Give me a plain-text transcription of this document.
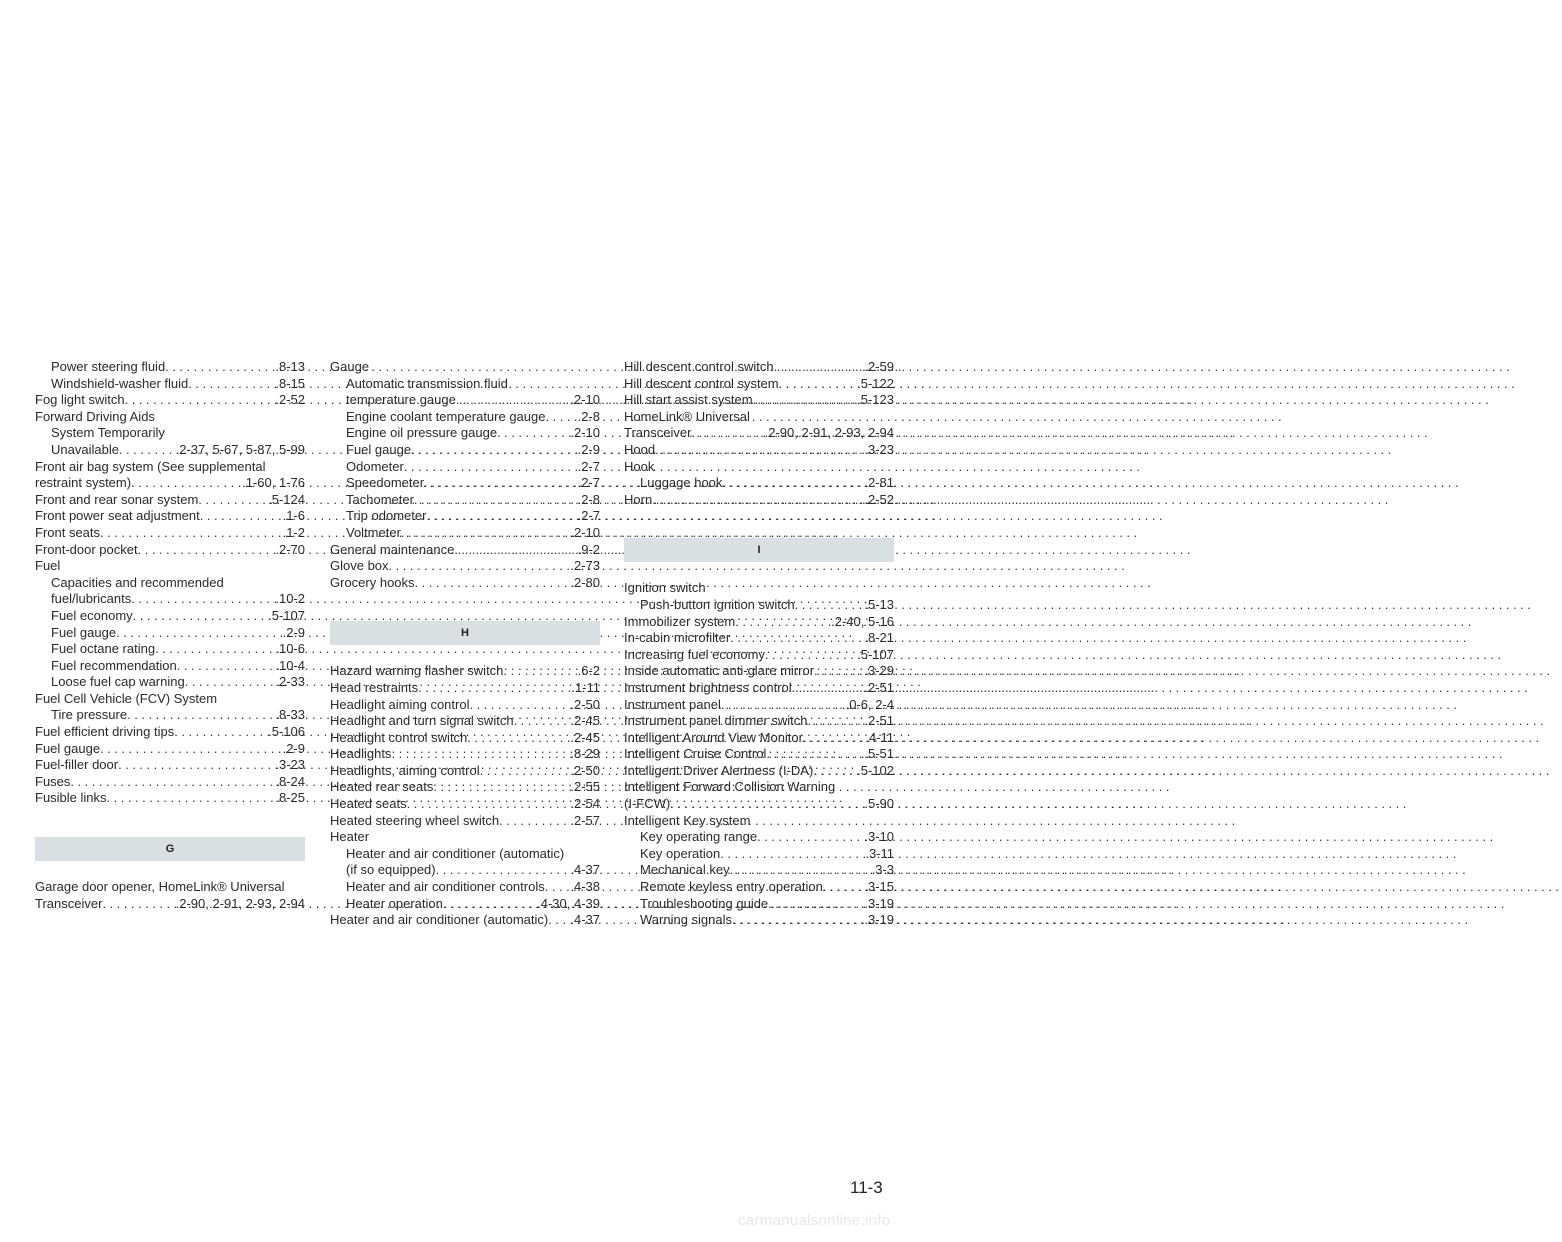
Power steering fluid .....	. 8-13
Windshield-washer fluid .....	. 8-15
Fog light switch .....	. 2-52
Forward Driving Aids
System Temporarily
Unavailable .....	. 2-37, 5-67, 5-87, 5-99
Front air bag system (See supplemental
restraint system) .....	. 1-60, 1-76
Front and rear sonar system .....	. 5-124
Front power seat adjustment .....	. 1-6
Front seats .....	. 1-2
Front-door pocket .....	. 2-70
Fuel
Capacities and recommended
fuel/lubricants .....	. 10-2
Fuel economy .....	. 5-107
Fuel gauge .....	. 2-9
Fuel octane rating .....	. 10-6
Fuel recommendation .....	. 10-4
Loose fuel cap warning .....	. 2-33
Fuel Cell Vehicle (FCV) System
Tire pressure .....	. 8-33
Fuel efficient driving tips .....	. 5-106
Fuel gauge .....	. 2-9
Fuel-filler door .....	. 3-23
Fuses .....	. 8-24
Fusible links .....	. 8-25
G
Garage door opener, HomeLink® Universal
Transceiver .....	. 2-90, 2-91, 2-93, 2-94
Gauge
Automatic transmission fluid
temperature gauge .....	. 2-10
Engine coolant temperature gauge .....	. 2-8
Engine oil pressure gauge .....	. 2-10
Fuel gauge .....	. 2-9
Odometer .....	. 2-7
Speedometer .....	. 2-7
Tachometer .....	. 2-8
Trip odometer .....	. 2-7
Voltmeter .....	. 2-10
General maintenance .....	. 9-2
Glove box .....	. 2-73
Grocery hooks .....	. 2-80
H
Hazard warning flasher switch .....	. 6-2
Head restraints .....	. 1-11
Headlight aiming control .....	. 2-50
Headlight and turn signal switch .....	. 2-45
Headlight control switch .....	. 2-45
Headlights .....	. 8-29
Headlights, aiming control .....	. 2-50
Heated rear seats .....	. 2-55
Heated seats .....	. 2-54
Heated steering wheel switch .....	. 2-57
Heater
Heater and air conditioner (automatic)
(if so equipped) .....	. 4-37
Heater and air conditioner controls .....	. 4-38
Heater operation .....	. 4-30, 4-39
Heater and air conditioner (automatic) .....	. 4-37
Hill descent control switch .....	. 2-59
Hill descent control system .....	. 5-122
Hill start assist system .....	. 5-123
HomeLink® Universal
Transceiver .....	. 2-90, 2-91, 2-93, 2-94
Hood .....	. 3-23
Hook
Luggage hook .....	. 2-81
Horn .....	. 2-52
I
Ignition switch
Push-button ignition switch .....	. 5-13
Immobilizer system .....	. 2-40, 5-16
In-cabin microfilter .....	. 8-21
Increasing fuel economy .....	. 5-107
Inside automatic anti-glare mirror .....	. 3-29
Instrument brightness control .....	. 2-51
Instrument panel .....	. 0-6, 2-4
Instrument panel dimmer switch .....	. 2-51
Intelligent Around View Monitor .....	. 4-11
Intelligent Cruise Control .....	. 5-51
Intelligent Driver Alertness (I-DA) .....	. 5-102
Intelligent Forward Collision Warning
(I-FCW) .....	. 5-90
Intelligent Key system
Key operating range .....	. 3-10
Key operation .....	. 3-11
Mechanical key .....	. 3-3
Remote keyless entry operation .....	. 3-15
Troubleshooting guide .....	. 3-19
Warning signals .....	. 3-19
11-3
carmanualsonline.info
